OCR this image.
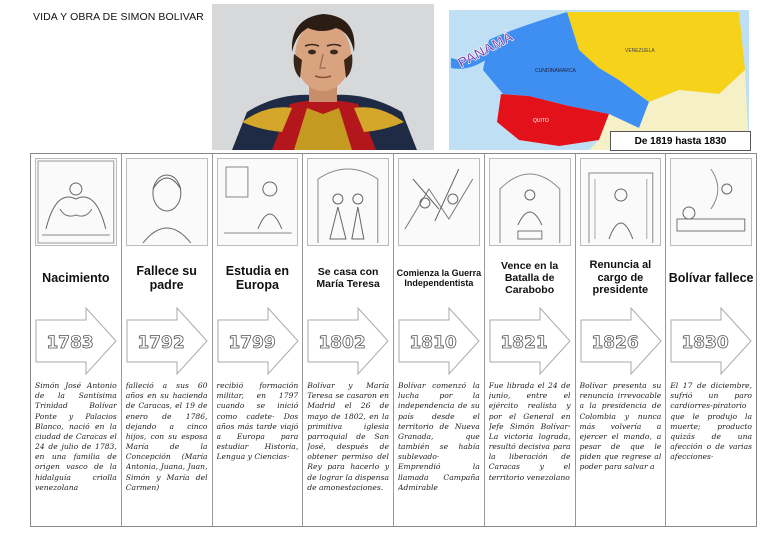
VIDA Y OBRA DE SIMON BOLIVAR
PANAMÁ	VENEZUELA
CUNDINAMARCA
QUITO
De 1819 hasta 1830
Nacimiento
1783
Simón José Antonio de la Santísima Trinidad Bolívar Ponte y Palacios Blanco, nació en la ciudad de Caracas el 24 de julio de 1783, en una familia de origen vasco de la hidalguía criolla venezolana
Fallece su padre
1792
falleció a sus 60 años en su hacienda de Caracas, el 19 de enero de 1786, dejando a cinco hijos, con su esposa María de la Concepción (María Antonia, Juana, Juan, Simón y María del Carmen)
Estudia en Europa
1799
recibió formación militar, en 1797 cuando se inició como cadete· Dos años más tarde viajó a Europa para estudiar Historia, Lengua y Ciencias·
Se casa con María Teresa
1802
Bolívar y María Teresa se casaron en Madrid el 26 de mayo de 1802, en la primitiva iglesia parroquial de San José, después de obtener permiso del Rey para hacerlo y de lograr la dispensa de amonestaciones.
Comienza la Guerra Independentista
1810
Bolívar comenzó la lucha por la independencia de su país desde el territorio de Nueva Granada, que también se había sublevado· Emprendió la llamada Campaña Admirable
Vence en la Batalla de Carabobo
1821
Fue librada el 24 de junio, entre el ejército realista y por el General en Jefe Simón Bolívar· La victoria lograda, resultó decisiva para la liberación de Caracas y el territorio venezolano
Renuncia al cargo de presidente
1826
Bolívar presenta su renuncia irrevocable a la presidencia de Colombia y nunca más volvería a ejercer el mando, a pesar de que le piden que regrese al poder para salvar a
Bolívar fallece
1830
El 17 de diciembre, sufrió un paro cardiorres-piratorio que le produjo la muerte; producto quizás de una afección o de varias afecciones·
